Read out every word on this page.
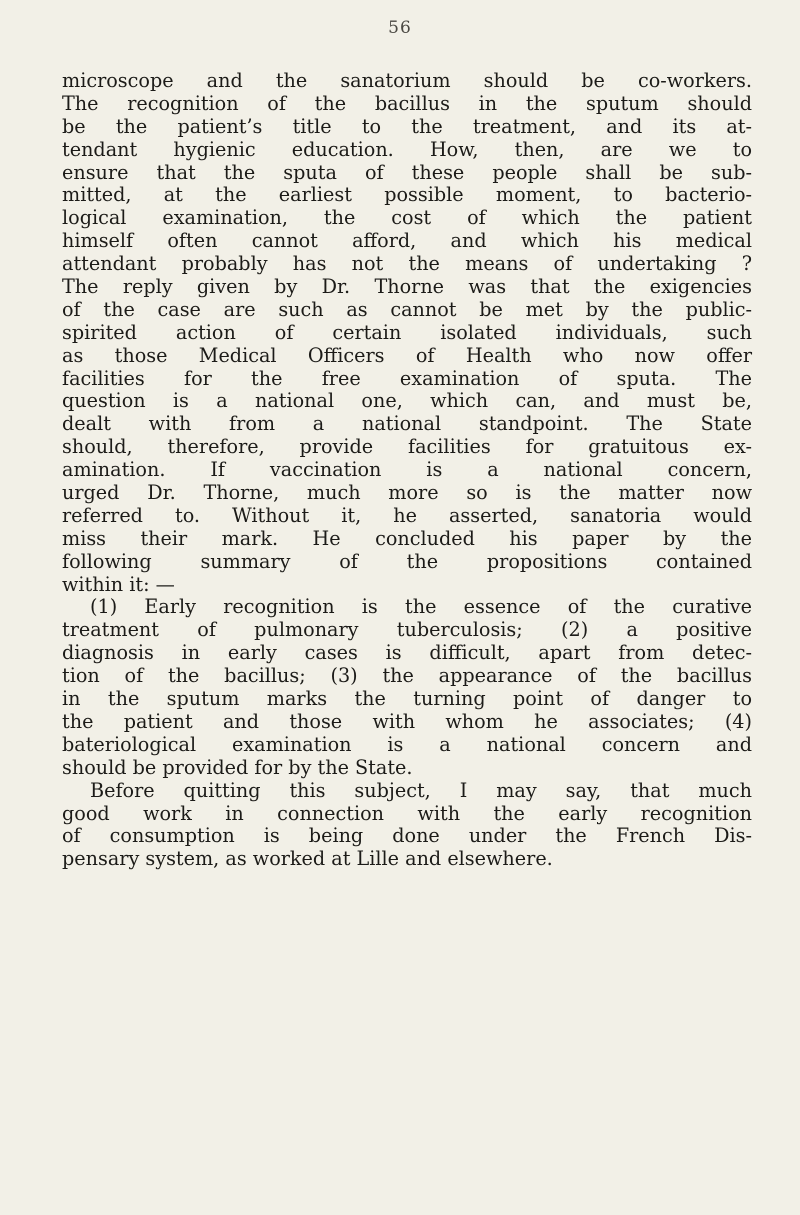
56
microscope and the sanatorium should be co-workers.
The recognition of the bacillus in the sputum should
be the patient’s title to the treatment, and its at-
tendant hygienic education. How, then, are we to
ensure that the sputa of these people shall be sub-
mitted, at the earliest possible moment, to bacterio-
logical examination, the cost of which the patient
himself often cannot afford, and which his medical
attendant probably has not the means of undertaking ?
The reply given by Dr. Thorne was that the exigencies
of the case are such as cannot be met by the public-
spirited action of certain isolated individuals, such
as those Medical Officers of Health who now offer
facilities for the free examination of sputa. The
question is a national one, which can, and must be,
dealt with from a national standpoint. The State
should, therefore, provide facilities for gratuitous ex-
amination. If vaccination is a national concern,
urged Dr. Thorne, much more so is the matter now
referred to. Without it, he asserted, sanatoria would
miss their mark. He concluded his paper by the
following summary of the propositions contained
within it: —
(1) Early recognition is the essence of the curative
treatment of pulmonary tuberculosis; (2) a positive
diagnosis in early cases is difficult, apart from detec-
tion of the bacillus; (3) the appearance of the bacillus
in the sputum marks the turning point of danger to
the patient and those with whom he associates; (4)
bateriological examination is a national concern and
should be provided for by the State.
Before quitting this subject, I may say, that much
good work in connection with the early recognition
of consumption is being done under the French Dis-
pensary system, as worked at Lille and elsewhere.
